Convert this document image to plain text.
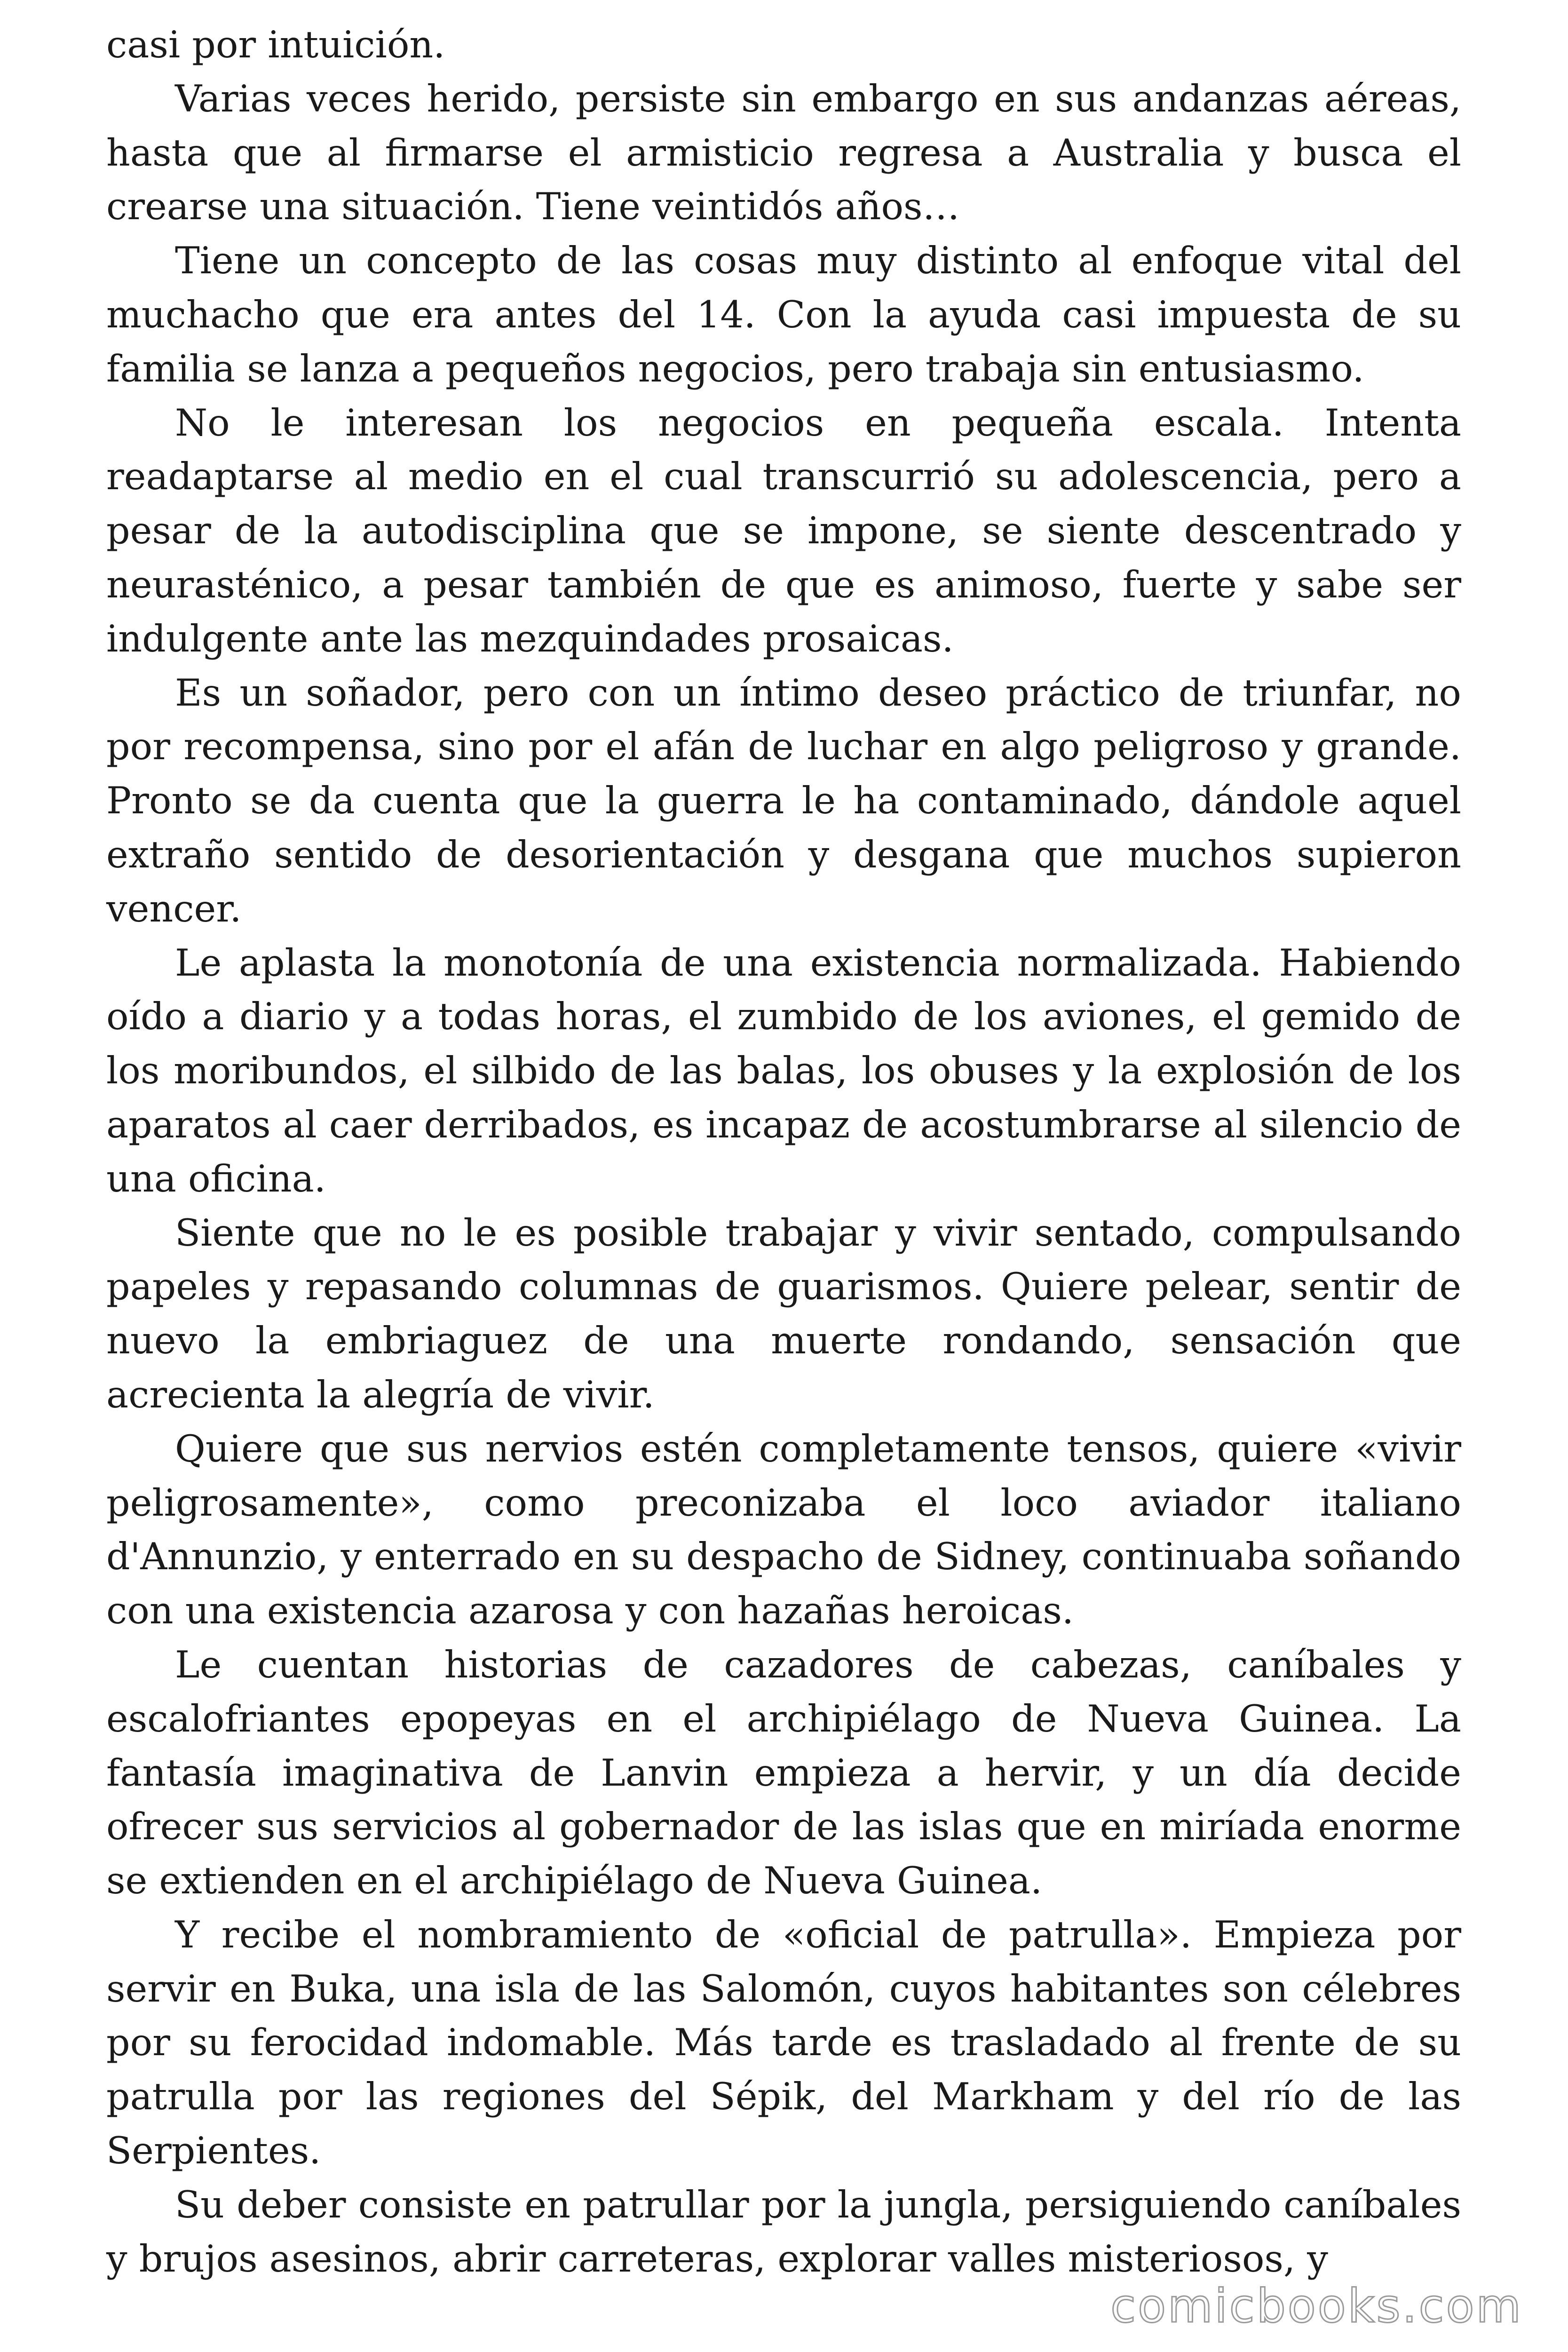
casi por intuición.

Varias veces herido, persiste sin embargo en sus andanzas aéreas, hasta que al firmarse el armisticio regresa a Australia y busca el crearse una situación. Tiene veintidós años…

Tiene un concepto de las cosas muy distinto al enfoque vital del muchacho que era antes del 14. Con la ayuda casi impuesta de su familia se lanza a pequeños negocios, pero trabaja sin entusiasmo.

No le interesan los negocios en pequeña escala. Intenta readaptarse al medio en el cual transcurrió su adolescencia, pero a pesar de la autodisciplina que se impone, se siente descentrado y neurasténico, a pesar también de que es animoso, fuerte y sabe ser indulgente ante las mezquindades prosaicas.

Es un soñador, pero con un íntimo deseo práctico de triunfar, no por recompensa, sino por el afán de luchar en algo peligroso y grande. Pronto se da cuenta que la guerra le ha contaminado, dándole aquel extraño sentido de desorientación y desgana que muchos supieron vencer.

Le aplasta la monotonía de una existencia normalizada. Habiendo oído a diario y a todas horas, el zumbido de los aviones, el gemido de los moribundos, el silbido de las balas, los obuses y la explosión de los aparatos al caer derribados, es incapaz de acostumbrarse al silencio de una oficina.

Siente que no le es posible trabajar y vivir sentado, compulsando papeles y repasando columnas de guarismos. Quiere pelear, sentir de nuevo la embriaguez de una muerte rondando, sensación que acrecienta la alegría de vivir.

Quiere que sus nervios estén completamente tensos, quiere «vivir peligrosamente», como preconizaba el loco aviador italiano d'Annunzio, y enterrado en su despacho de Sidney, continuaba soñando con una existencia azarosa y con hazañas heroicas.

Le cuentan historias de cazadores de cabezas, caníbales y escalofriantes epopeyas en el archipiélago de Nueva Guinea. La fantasía imaginativa de Lanvin empieza a hervir, y un día decide ofrecer sus servicios al gobernador de las islas que en miríada enorme se extienden en el archipiélago de Nueva Guinea.

Y recibe el nombramiento de «oficial de patrulla». Empieza por servir en Buka, una isla de las Salomón, cuyos habitantes son célebres por su ferocidad indomable. Más tarde es trasladado al frente de su patrulla por las regiones del Sépik, del Markham y del río de las Serpientes.

Su deber consiste en patrullar por la jungla, persiguiendo caníbales y brujos asesinos, abrir carreteras, explorar valles misteriosos, y

comicbooks.com
